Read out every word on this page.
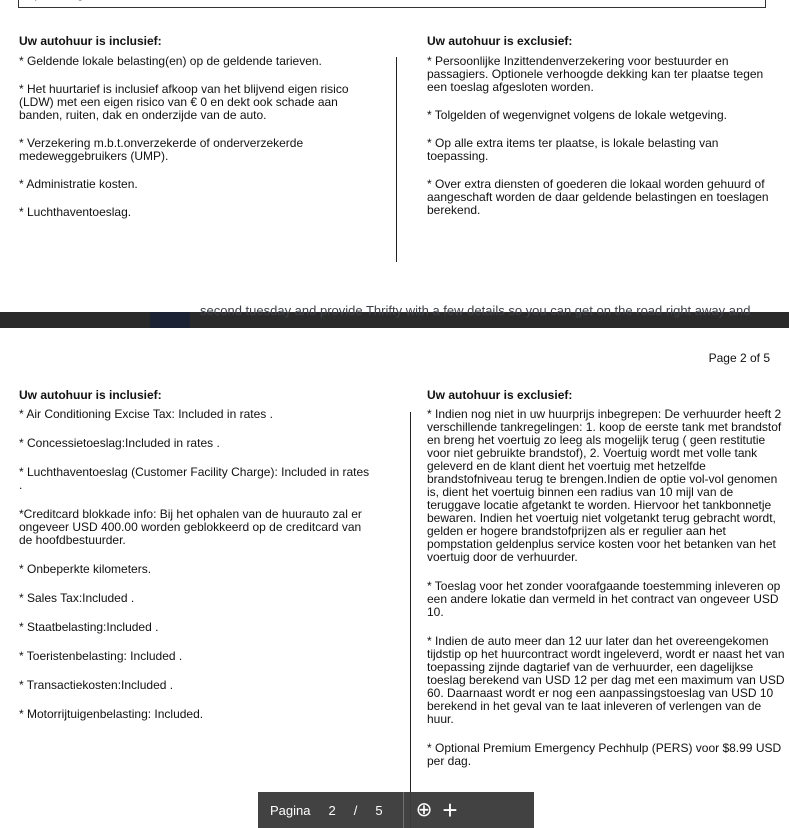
Uw autohuur is inclusief:

* Geldende lokale belasting(en) op de geldende tarieven.

* Het huurtarief is inclusief afkoop van het blijvend eigen risico (LDW) met een eigen risico van € 0 en dekt ook schade aan banden, ruiten, dak en onderzijde van de auto.

* Verzekering m.b.t.onverzekerde of onderverzekerde medeweggebruikers (UMP).

* Administratie kosten.

* Luchthaventoeslag.

Uw autohuur is exclusief:

* Persoonlijke Inzittendenverzekering voor bestuurder en passagiers. Optionele verhoogde dekking kan ter plaatse tegen een toeslag afgesloten worden.

* Tolgelden of wegenvignet volgens de lokale wetgeving.

* Op alle extra items ter plaatse, is lokale belasting van toepassing.

* Over extra diensten of goederen die lokaal worden gehuurd of aangeschaft worden de daar geldende belastingen en toeslagen berekend.

second tuesday and provide Thrifty with a few details so you can get on the road right away and
Page 2 of 5
Uw autohuur is inclusief:

* Air Conditioning Excise Tax: Included in rates .

* Concessietoeslag:Included in rates .

* Luchthaventoeslag (Customer Facility Charge): Included in rates .

*Creditcard blokkade info: Bij het ophalen van de huurauto zal er ongeveer USD 400.00 worden geblokkeerd op de creditcard van de hoofdbestuurder.

* Onbeperkte kilometers.

* Sales Tax:Included .

* Staatbelasting:Included .

* Toeristenbelasting: Included .

* Transactiekosten:Included .

* Motorrijtuigenbelasting: Included.

Uw autohuur is exclusief:

* Indien nog niet in uw huurprijs inbegrepen: De verhuurder heeft 2 verschillende tankregelingen: 1. koop de eerste tank met brandstof en breng het voertuig zo leeg als mogelijk terug ( geen restitutie voor niet gebruikte brandstof), 2. Voertuig wordt met volle tank geleverd en de klant dient het voertuig met hetzelfde brandstofniveau terug te brengen.Indien de optie vol-vol genomen is, dient het voertuig binnen een radius van 10 mijl van de teruggave locatie afgetankt te worden. Hiervoor het tankbonnetje bewaren. Indien het voertuig niet volgetankt terug gebracht wordt, gelden er hogere brandstofprijzen als er regulier aan het pompstation geldenplus service kosten voor het betanken van het voertuig door de verhuurder.

* Toeslag voor het zonder voorafgaande toestemming inleveren op een andere lokatie dan vermeld in het contract van ongeveer USD 10.

* Indien de auto meer dan 12 uur later dan het overeengekomen tijdstip op het huurcontract wordt ingeleverd, wordt er naast het van toepassing zijnde dagtarief van de verhuurder, een dagelijkse toeslag berekend van USD 12 per dag met een maximum van USD 60. Daarnaast wordt er nog een aanpassingstoeslag van USD 10 berekend in het geval van te laat inleveren of verlengen van de huur.

* Optional Premium Emergency Pechhulp (PERS) voor $8.99 USD per dag.

Pagina 2 / 5 ⊕ +
